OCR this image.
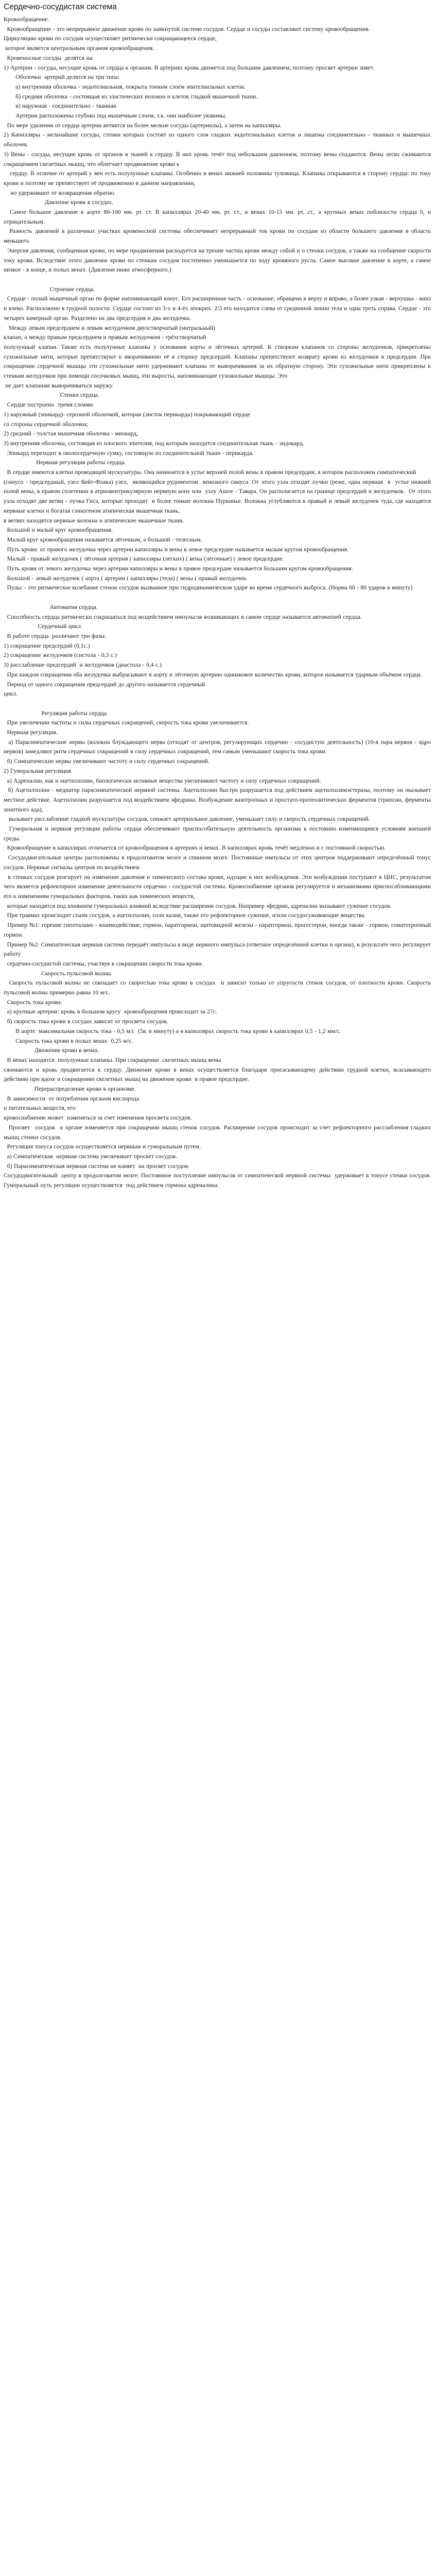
Сердечно-сосудистая система

Кровообращение.

Кровообращение - это непрерывное движение крови по замкнутой системе сосудов. Сердце и сосуды составляют систему кровообращения.

Циркуляцию крови по сосудам осуществляет ритмически сокращающееся сердце,

которое является центральным органом кровообращения.

Кровеносные сосуды  делятся на:

1) Артерии - сосуды, несущие кровь от сердца к органам. В артериях кровь движется под большим давлением, поэтому просвет артерии зияет.

Оболочки  артерий делятся на три типа:

а) внутренняя оболочка - эндотелиальная, покрыта тонким слоем эпителиальных клеток.

б) средняя оболочка - состоящая из эластических волокон и клеток гладкой мышечной ткани.

в) наружная - соединительно - тканная.

Артерии расположены глубоко под мышечным слоем, т.к. они наиболее уязвимы.

По мере удаления от сердца артерии ветвятся на более мелкие сосуды (артериолы), а затем на капилляры.

2) Капилляры - мельчайшие сосуды, стенки которых состоят из одного слоя гладких эндотелиальных клеток и лишены соединительно - тканных и мышечных оболочек.

3) Вены - сосуды, несущие кровь от органов и тканей к сердцу. В них кровь течёт под небольшим давлением, поэтому вены спадаются. Вены легко сжимаются сокращением скелетных мышц, что облегчает продвижение крови к

сердцу. В отличие от артерий у вен есть полулунные клапаны. Особенно в венах нижней половины туловища. Клапаны открываются в сторону сердца: по току крови и поэтому не препятствует её продвижению в данном направлении,

но удерживают от возвращения обратно.

Давление крови в сосудах.

Самое большое давление в аорте 80-100 мм. рт. ст. В капиллярах 20-40 мм. рт. ст., в венах 10-15 мм. рт. ст., а крупных венах поблизости сердца 0, и отрицательным.

Разность давлений в различных участках кровеносной системы обеспечивает непрерывный ток крови по сосудам из области большего давления в область меньшего.

Энергия давления, сообщенная крови, по мере продвижения расходуется на трение частиц крови между собой и о стенки сосудов, а также на сообщение скорости току крови. Вследствие этого давление крови по стенкам сосудов постепенно уменьшается по ходу кровяного русла. Самое высокое давление в аорте, а самое низкое - в конце, в полых венах. (Давление ниже атмосферного.)

Строение сердца.

Сердце - полый мышечный орган по форме напоминающий конус. Его расширенная часть - основание, обращена в верху и вправо, а более узкая - верхушка - вниз и влево. Расположено в грудной полости. Сердце состоит из 3-х и 4-ёх эпокрих. 2/3 его находится слева от срединной линии тела и одна треть справа. Сердце - это четырех камерный орган. Разделено на два предсердия и два желудочка.

Между левым предсердием и левым желудочком двухстворчатый (митральный)

клапан, а между правым предсердием и правым желудочком - трёхстворчатый

полулунный клапан. Также есть полулунные клапаны у основания аорты и лёгочных артерий. К створкам клапанов со стороны желудочков, прикреплены сухожильные нити, которые препятствуют к вворачиванию её в сторону предсердий. Клапаны препятствуют возврату крови из желудочков в предсердия. При сокращении сердечной мышцы эти сухожильные нити удерживают клапаны от выворачивания за их обратную сторону. Эти сухожильные нити прикреплены к стенкам желудочков при помощи сосочковых мышц, эти выросты, напоминающие сухожильные мышцы. Это

не дает клапанам выворачиваться наружу.

Стенки сердца.

Сердце построено  тремя слоями:

1) наружный (эпикард)- серозной оболочкой, которая (листок перикарда) покрывающий сердце

со стороны сердечной оболочки;

2) средний - толстая мышечная оболочка - миокард,

3) внутренняя оболочка, состоящая из плоского эпителия, под которым находится соединительная ткань - эндокард.

Эпикард переходит в околосердечную сумку, состоящую из соединительной ткани - перикарда.

Нервная регуляция работы сердца.

В сердце имеются клетки проводящей мускулатуры. Она начинается в устье верхней полой вены в правом предсердии, в котором расположен симпатический

(синусо - предсердный, узел Кейт-Флака) узел,  являющийся рудиментом  венозного синуса. От этого узла отходят пучки (реже, одна нервная  в  устье нижней полой вены, в правом сплетении в атриовентрикулярную нервную кону или  узлу Ашое - Тавара. Он располагается на границе предсердий и желудочков.  От этого узла отходят две ветви - пучка Гиса, которые проходят  в более тонкие волокна Пуркинье. Волокна углубляются в правый и левый желудочек туда, где находятся нервные клетки и богатая гликогеном атипическая мышечная ткань,

в ветвях находятся нервные волокна и атипические мышечные ткани.

Большой и малый круг кровообращения.

Малый круг кровообращения называется лёгочным, а большой - телесным.

Путь крови: от правого желудочка через артерии капилляры и вены в левое предсердие называется малым кругом кровообращения.

Малый - правый желудочек ( лёгочная артерия ( капилляры (легких) ( вены (лёгочные) ( левое предсердие.

Путь крови от левого желудочка через артерии капилляры и вены в правое предсердие называется большим кругом кровообращения.

Большой - левый желудочек ( аорта ( артерии ( капилляры (тела) ( вены ( правый желудочек.

Пульс - это ритмическое колебание стенок сосудов вызванное при гидродинамическом ударе во время сердечного выброса. (Норма 60 - 80 ударов в минуту)

Автоматия сердца.

Способность сердца ритмически сокращаться под воздействием импульсов возникающих в самом сердце называется автоматией сердца.

Сердечный цикл.

В работе сердца  различают три фазы:

1) сокращение предсердий (0,1с.)

2) сокращение желудочков (систола - 0,3 с.)

3) расслабление предсердий  и желудочков (диастола - 0,4 с.)

При каждом сокращении оба желудочка выбрасывают в аорту и лёгочную артерию одинаковое количество крови, которое называется ударным объёмом сердца.

Период от одного сокращения предсердий до другого называется сердечный

цикл.

Регуляция работы сердца.

При увеличении частоты и силы сердечных сокращений, скорость тока крови увеличивается.

Нервная регуляция.

а) Парасимпатические нервы (волокна блуждающего нерва (отходят от центров, регулирующих сердечно - сосудистую деятельность) (10-я пара нервов - ядро нервов) замедляют ритм сердечных сокращений и силу сердечных сокращений, тем самым уменьшают скорость тока крови.

б) Симпатические нервы увеличивают частоту и силу сердечных сокращений.

2) Гуморальная регуляция.

а) Адреналин, как и ацетилхолин, биологически активные вещества увеличивают частоту и силу сердечных сокращений.

б) Ацетилхолин - медиатор парасимпатической нервной системы. Ацетилхолин быстро разрушается под действием ацетилхолинэстеразы, поэтому он оказывает местное действие. Ацетилхолин разрушается под воздействием эфедрина. Возбуждение вазотропных и простато-протеолитических ферментов (трипсин, ферменты зенитного яда),

вызывает расслабление гладкой мускулатуры сосудов, снижает артериальное давление, уменьшает силу и скорость сердечных сокращений.

Гуморальная и нервная регуляция работы сердца обеспечивают приспособительную деятельность организма к постоянно изменяющимся условиям внешней среды.

Кровообращение в капиллярах отличается от кровообращения в артериях и венах. В капиллярах кровь течёт медленно и с постоянной скоростью.

Сосудодвигательные центры расположены в продолговатом мозге и спинном мозге. Постоянные импульсы от этих центров поддерживают определённый тонус сосудов. Нервные сигналы центров по воздействием

в стенках сосудов реагирует на изменение давления и химического состава крови, идущие в них возбуждения. Эти возбуждения поступают в ЦНС, результатом чего является рефлекторное изменение деятельности сердечно - сосудистой системы. Кровоснабжение органов регулируется и механизмами приспосабливающими его к изменениям гуморальных факторов, таких как химических веществ,

которые находятся под влиянием гуморальных влияний вследствие расширения сосудов. Например эфедрин, адреналин вызывают сужение сосудов.

При травмах происходит спазм сосудов, а ацетилхолин, соли калия, также его рефлекторное сужение, и/или сосудосуживающие вещества.

Пример №1: горение гипоталамо - взаимодействие, гормон, паратгормон, щитовидной железы - паратгормон, прогестерон, иногда также - гормон, соматотропный гормон.

Пример №2: Симпатическая нервная система передаёт импульсы в виде нервного импульса (ответное определённой клетки и органа), в результате чего регулирует работу

сердечно-сосудистой системы, участвуя в сокращении скорости тока крови.

Скорость пульсовой волны.

Скорость пульсовой волны не совпадает со скоростью тока крови в сосудах  и зависит только от упругости стенок сосудов, от плотности крови. Скорость пульсовой волны примерно равна 10 м/с.

Скорость тока крови:

а) крупные артерии: кровь в большом кругу  кровообращения происходит за 27с.

б) скорость тока крови в сосудах зависит от просвета сосудов.

В аорте  максимальная скорость тока - 0,5 м/с  (5в. в минуту) а в капиллярах скорость тока крови в капиллярах 0,5 - 1,2 мм/с.

Скорость тока крови в полых венах  0,25 м/с.

Движение крови в венах.

В венах находятся  полулунные клапаны. При сокращении  скелетных мышц вены

сжимаются и кровь продвигается к сердцу. Движение крови в венах осуществляется благодаря присасывающему действию грудной клетки, всасывающего действию при вдохе и сокращению скелетных мышц на движение крови  в правое предсердие.

Перераспределение крови в организме.

В зависимости  от потребления органом кислорода

и питательных веществ, его

кровоснабжение может  изменяться за счет изменения просвета сосудов.

Просвет  сосудов  в органе изменяется при сокращении мышц стенок сосудов. Расширение сосудов происходит за счет рефлекторного расслабления гладких мышц стенки сосудов.

Регуляция тонуса сосудов осуществляется нервным и гуморальным путем.

а) Симпатическая  нервная система увеличивает просвет сосудов.

б) Парасимпатическая нервная система не влияет  на просвет сосудов.

Сосудодвигательный  центр в продолговатом мозге. Постоянное поступление импульсов от симпатической нервной системы  удерживает в тонусе стенки сосудов. Гуморальный путь регуляции осуществляется  под действием гормона адреналина.
